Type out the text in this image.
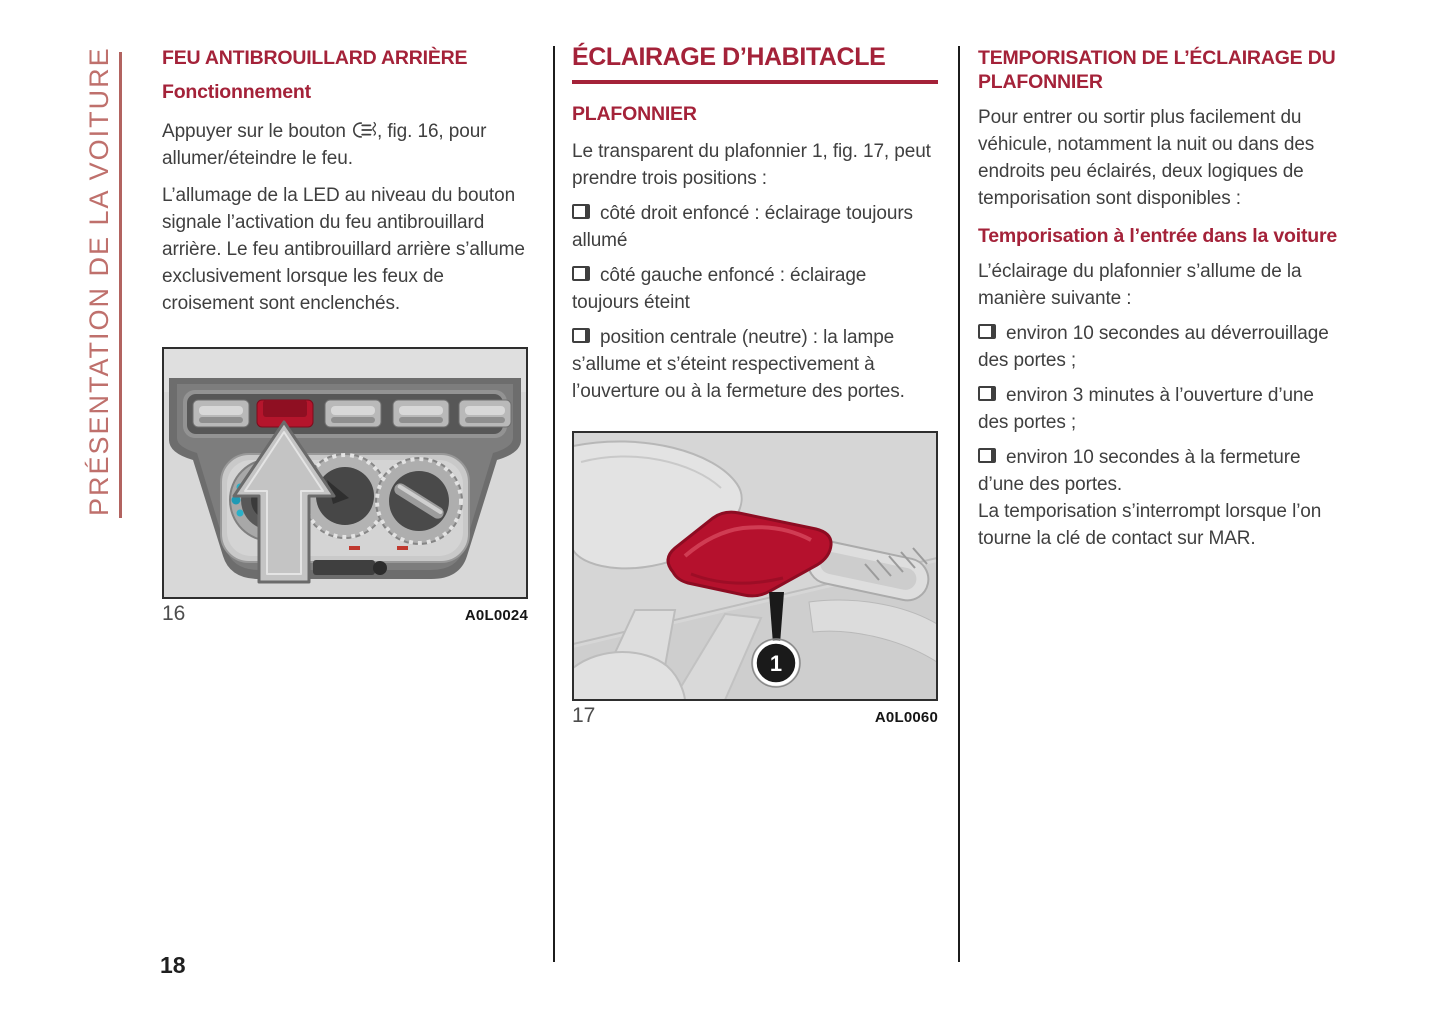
PRÉSENTATION DE LA VOITURE FEU ANTIBROUILLARD ARRIÈRE
Fonctionnement

Appuyer sur le bouton , fig. 16, pour allumer/éteindre le feu.

L’allumage de la LED au niveau du bouton signale l’activation du feu antibrouillard arrière. Le feu antibrouillard arrière s’allume exclusivement lorsque les feux de croisement sont enclenchés.

16	A0L0024
ÉCLAIRAGE D’HABITACLE
PLAFONNIER

Le transparent du plafonnier 1, fig. 17, peut prendre trois positions :

côté droit enfoncé : éclairage toujours allumé

côté gauche enfoncé : éclairage toujours éteint

position centrale (neutre) : la lampe s’allume et s’éteint respectivement à l’ouverture ou à la fermeture des portes.

1
17	A0L0060
TEMPORISATION DE L’ÉCLAIRAGE DU PLAFONNIER

Pour entrer ou sortir plus facilement du véhicule, notamment la nuit ou dans des endroits peu éclairés, deux logiques de temporisation sont disponibles :

Temporisation à l’entrée dans la voiture

L’éclairage du plafonnier s’allume de la manière suivante :

environ 10 secondes au déverrouillage des portes ;

environ 3 minutes à l’ouverture d’une des portes ;

environ 10 secondes à la fermeture d’une des portes.

La temporisation s’interrompt lorsque l’on tourne la clé de contact sur MAR.

18
